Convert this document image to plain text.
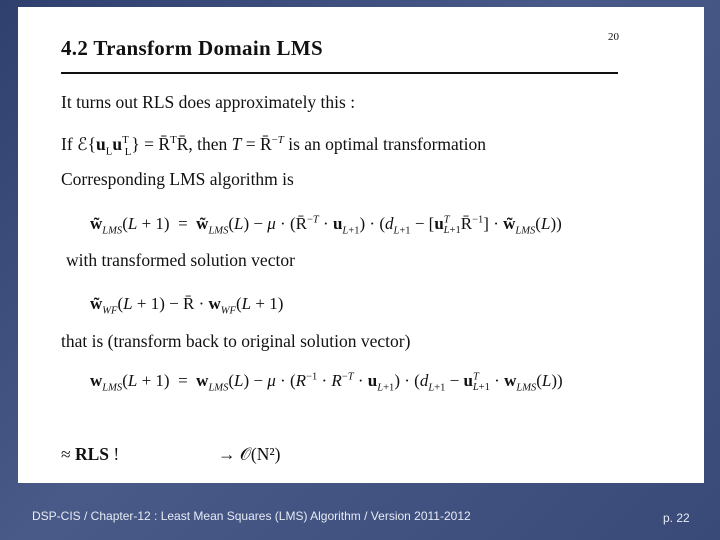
4.2 Transform Domain LMS	20
It turns out RLS does approximately this :
If $ℰ\{u_Lu^T_L\}$ = R̄$^T$R̄, then T = R̄$^{-T}$ is an optimal transformation
Corresponding LMS algorithm is
$w̃_{LMS}(L + 1)$  =  $w̃_{LMS}(L) - \mu$ · (R̄$^{-T}$ · $u_{L+1}) \cdot (d_{L+1}$ − $[u^T_{L+1}R̄^{-1}]$ · $w̃_{LMS}(L)$)
with transformed solution vector
$w̃_{WF}(L + 1)$ − R̄ · $w_{WF}(L + 1)$
that is (transform back to original solution vector)
$w_{LMS}(L + 1) = w_{LMS}(L) - \mu \cdot (R^{-1} \cdot R^{-T} \cdot u_{L+1}) \cdot (d_{L+1} - u^T_{L+1} \cdot w_{LMS}(L))$
≈ RLS !	→ 𝒪(N²)
DSP-CIS / Chapter-12 : Least Mean Squares (LMS) Algorithm / Version 2011-2012	p. 22
